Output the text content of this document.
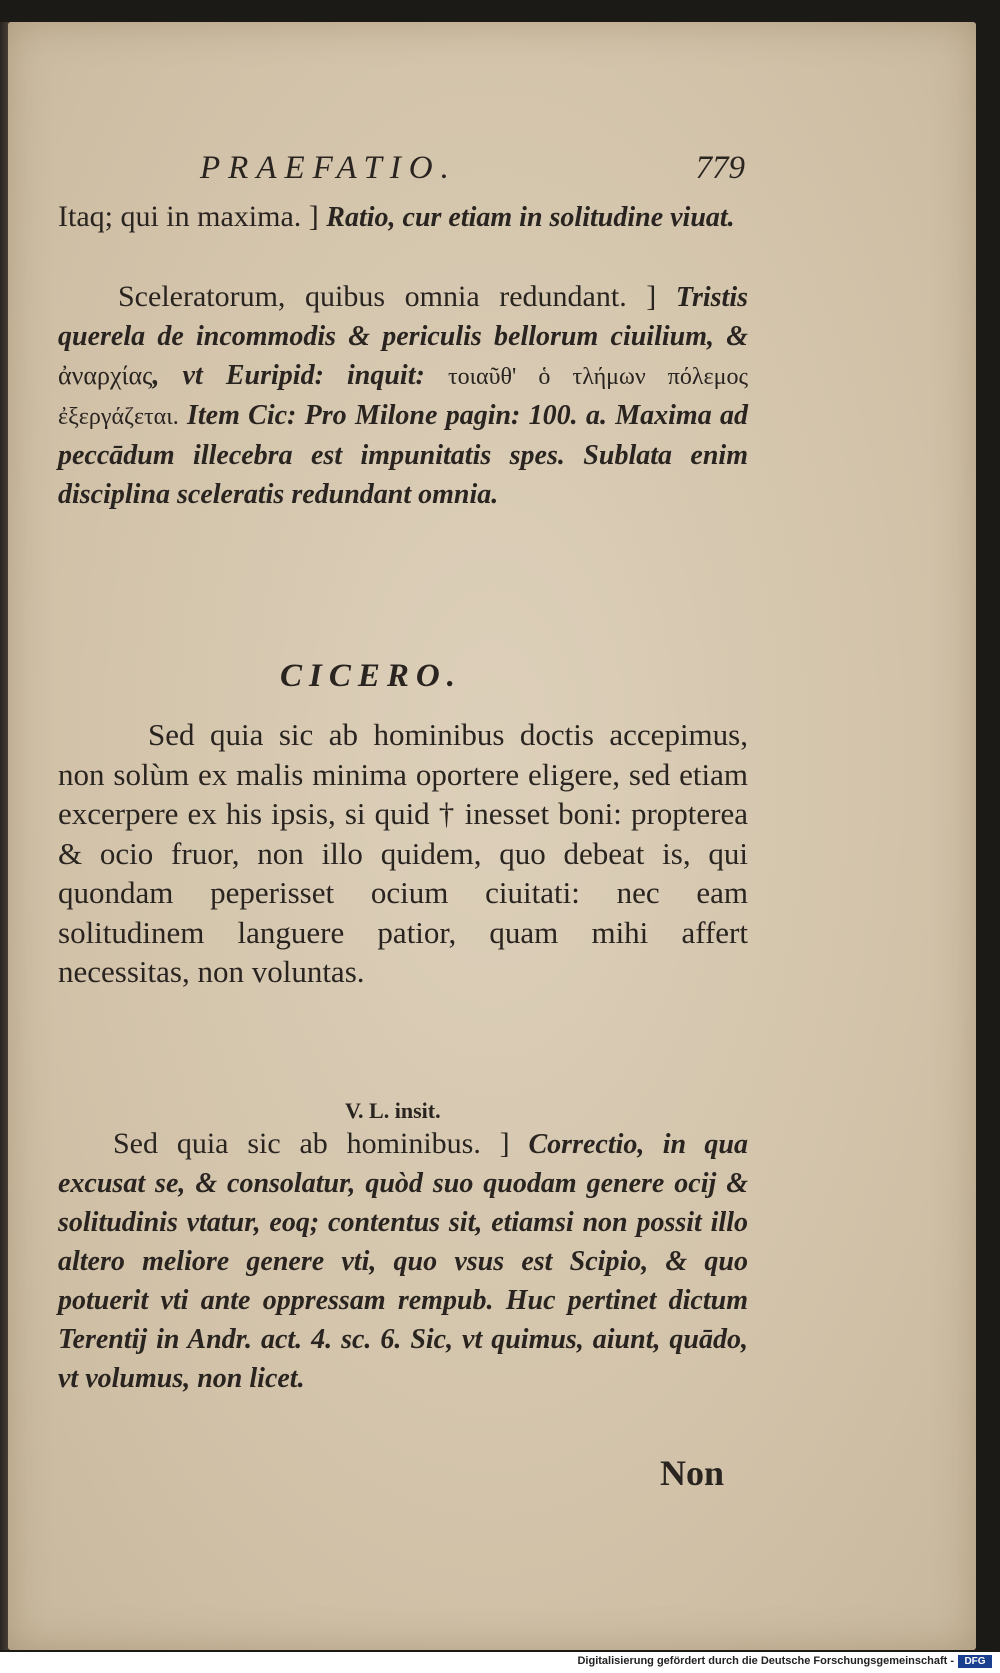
PRAEFATIO.	779

Itaq; qui in maxima. ] Ratio, cur etiam in solitudine viuat.

Sceleratorum, quibus omnia redundant. ] Tristis querela de incommodis & periculis bellorum ciuilium, & ἀναρχίας, vt Euripid: inquit: τοιαῦθ' ὁ τλήμων πόλεμος ἐξεργάζεται. Item Cic: Pro Milone pagin: 100. a. Maxima ad peccādum illecebra est impunitatis spes. Sublata enim disciplina sceleratis redundant omnia.

CICERO.

Sed quia sic ab hominibus doctis accepimus, non solùm ex malis minima oportere eligere, sed etiam excerpere ex his ipsis, si quid † inesset boni: propterea & ocio fruor, non illo quidem, quo debeat is, qui quondam peperisset ocium ciuitati: nec eam solitudinem languere patior, quam mihi affert necessitas, non voluntas.

V. L. insit.

Sed quia sic ab hominibus. ] Correctio, in qua excusat se, & consolatur, quòd suo quodam genere ocij & solitudinis vtatur, eoq; contentus sit, etiamsi non possit illo altero meliore genere vti, quo vsus est Scipio, & quo potuerit vti ante oppressam rempub. Huc pertinet dictum Terentij in Andr. act. 4. sc. 6. Sic, vt quimus, aiunt, quādo, vt volumus, non licet.

Non
Digitalisierung gefördert durch die Deutsche Forschungsgemeinschaft -	DFG
